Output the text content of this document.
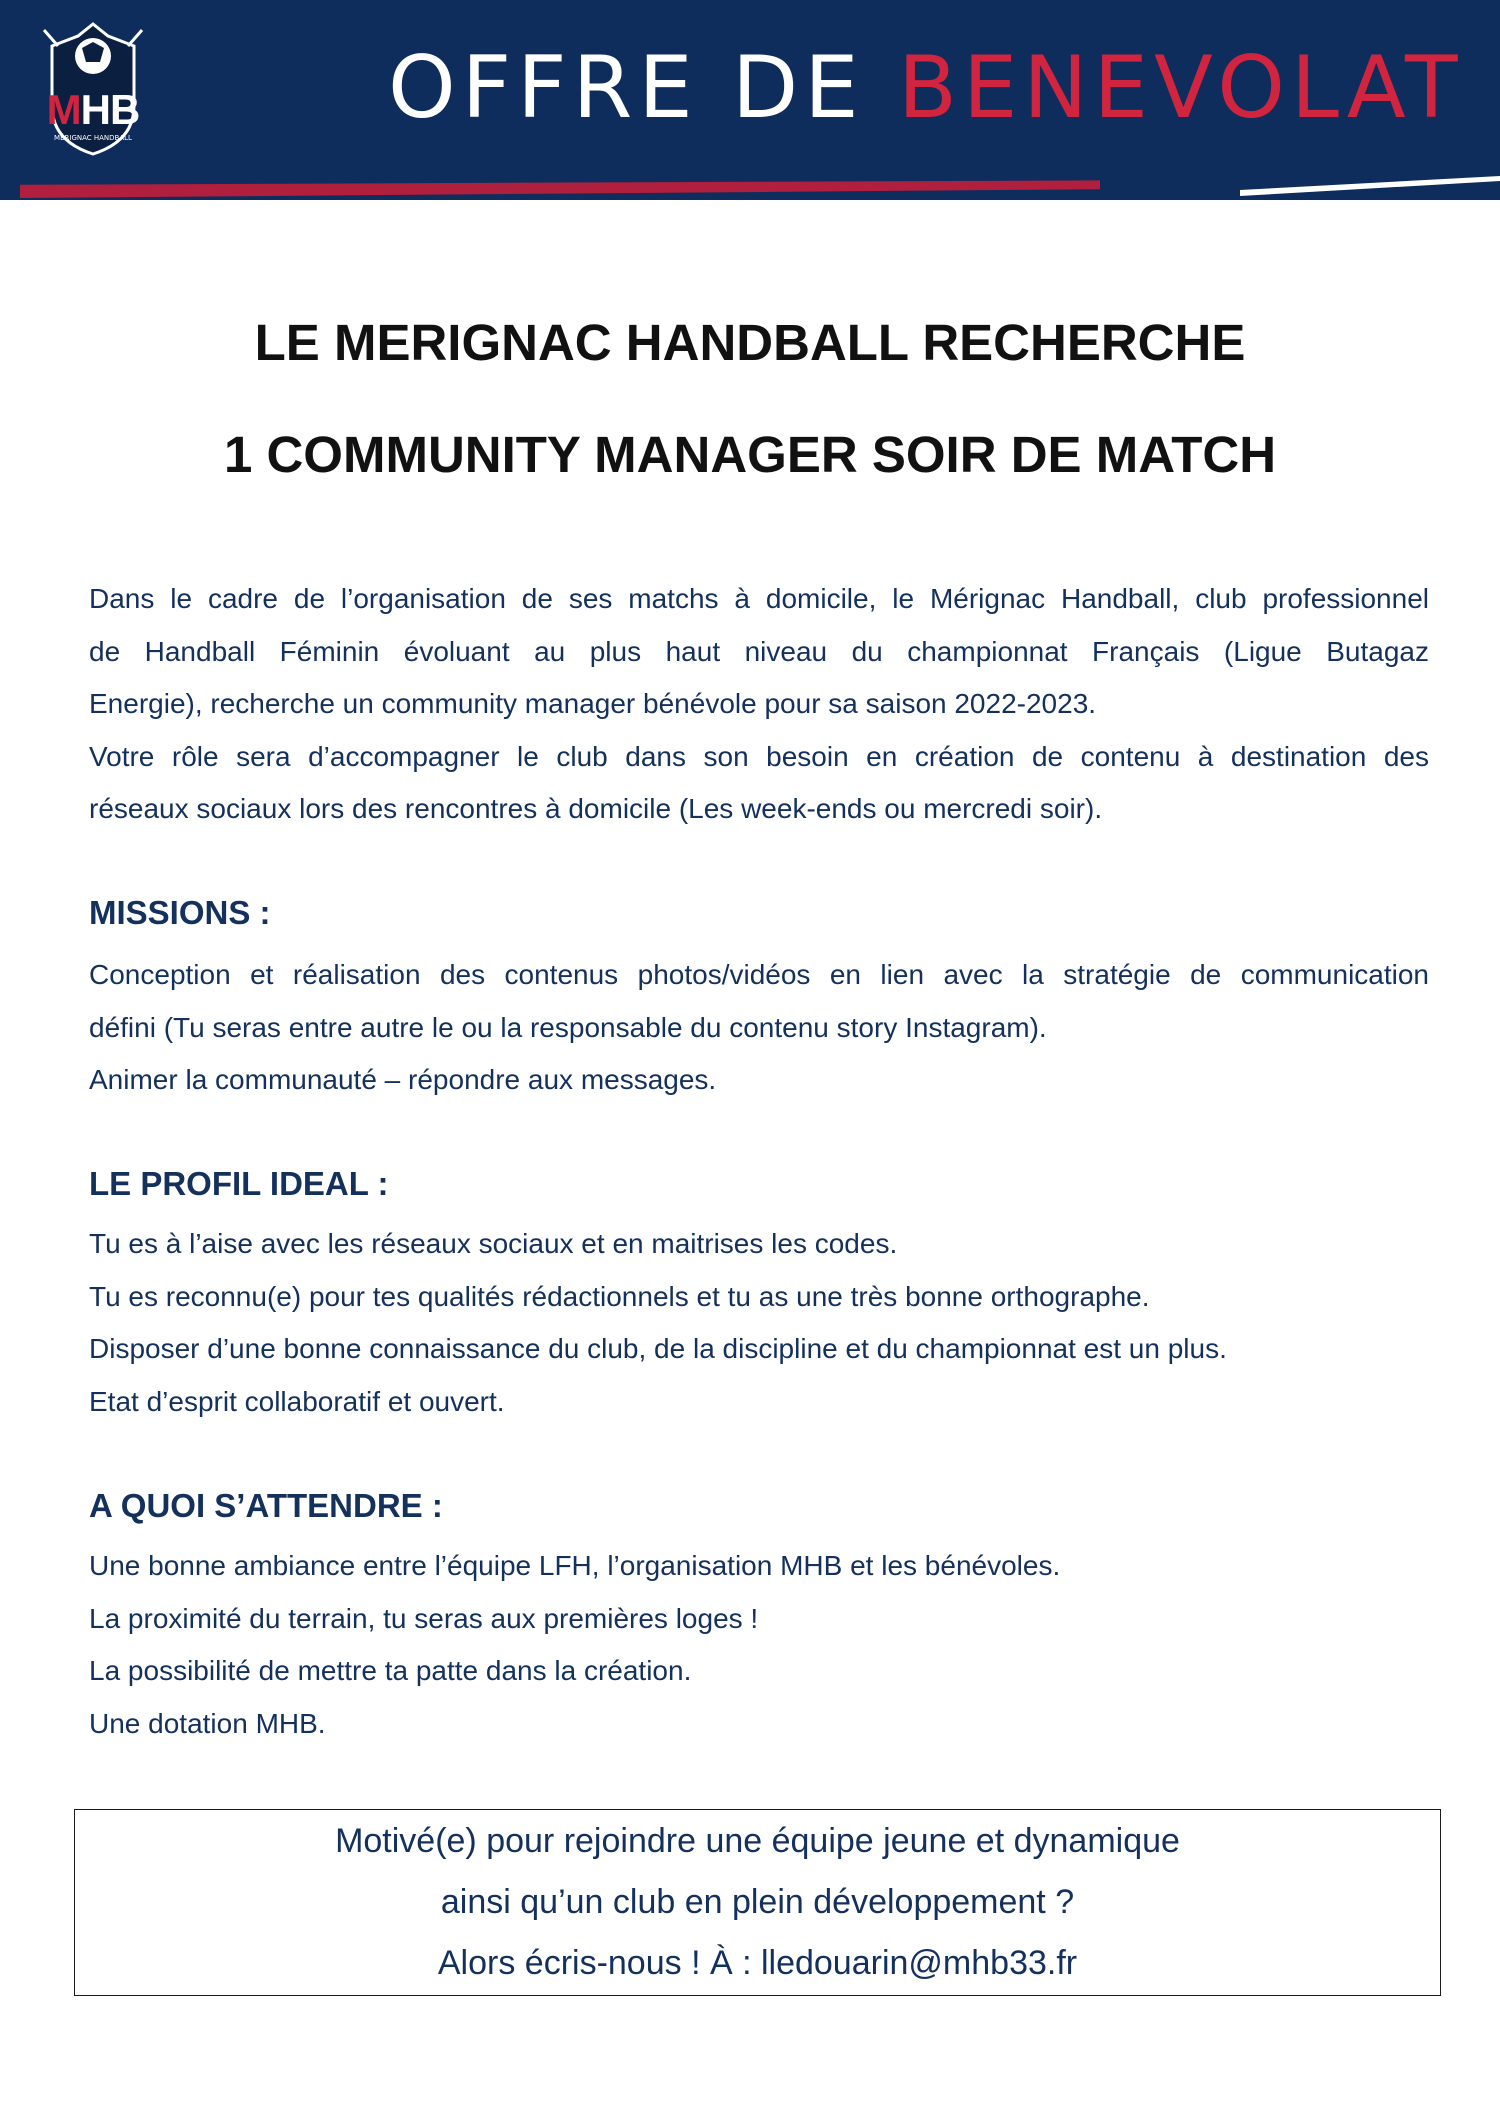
MHB
MÉRIGNAC HANDBALL	OFFRE DE BENEVOLAT
LE MERIGNAC HANDBALL RECHERCHE
1 COMMUNITY MANAGER SOIR DE MATCH
Dans le cadre de l’organisation de ses matchs à domicile, le Mérignac Handball, club professionnel
de Handball Féminin évoluant au plus haut niveau du championnat Français (Ligue Butagaz
Energie), recherche un community manager bénévole pour sa saison 2022-2023.
Votre rôle sera d’accompagner le club dans son besoin en création de contenu à destination des
réseaux sociaux lors des rencontres à domicile (Les week-ends ou mercredi soir).
MISSIONS :
Conception et réalisation des contenus photos/vidéos en lien avec la stratégie de communication
défini (Tu seras entre autre le ou la responsable du contenu story Instagram).
Animer la communauté – répondre aux messages.
LE PROFIL IDEAL :
Tu es à l’aise avec les réseaux sociaux et en maitrises les codes.
Tu es reconnu(e) pour tes qualités rédactionnels et tu as une très bonne orthographe.
Disposer d’une bonne connaissance du club, de la discipline et du championnat est un plus.
Etat d’esprit collaboratif et ouvert.
A QUOI S’ATTENDRE :
Une bonne ambiance entre l’équipe LFH, l’organisation MHB et les bénévoles.
La proximité du terrain, tu seras aux premières loges !
La possibilité de mettre ta patte dans la création.
Une dotation MHB.
Motivé(e) pour rejoindre une équipe jeune et dynamique
ainsi qu’un club en plein développement ?
Alors écris-nous ! À : lledouarin@mhb33.fr
